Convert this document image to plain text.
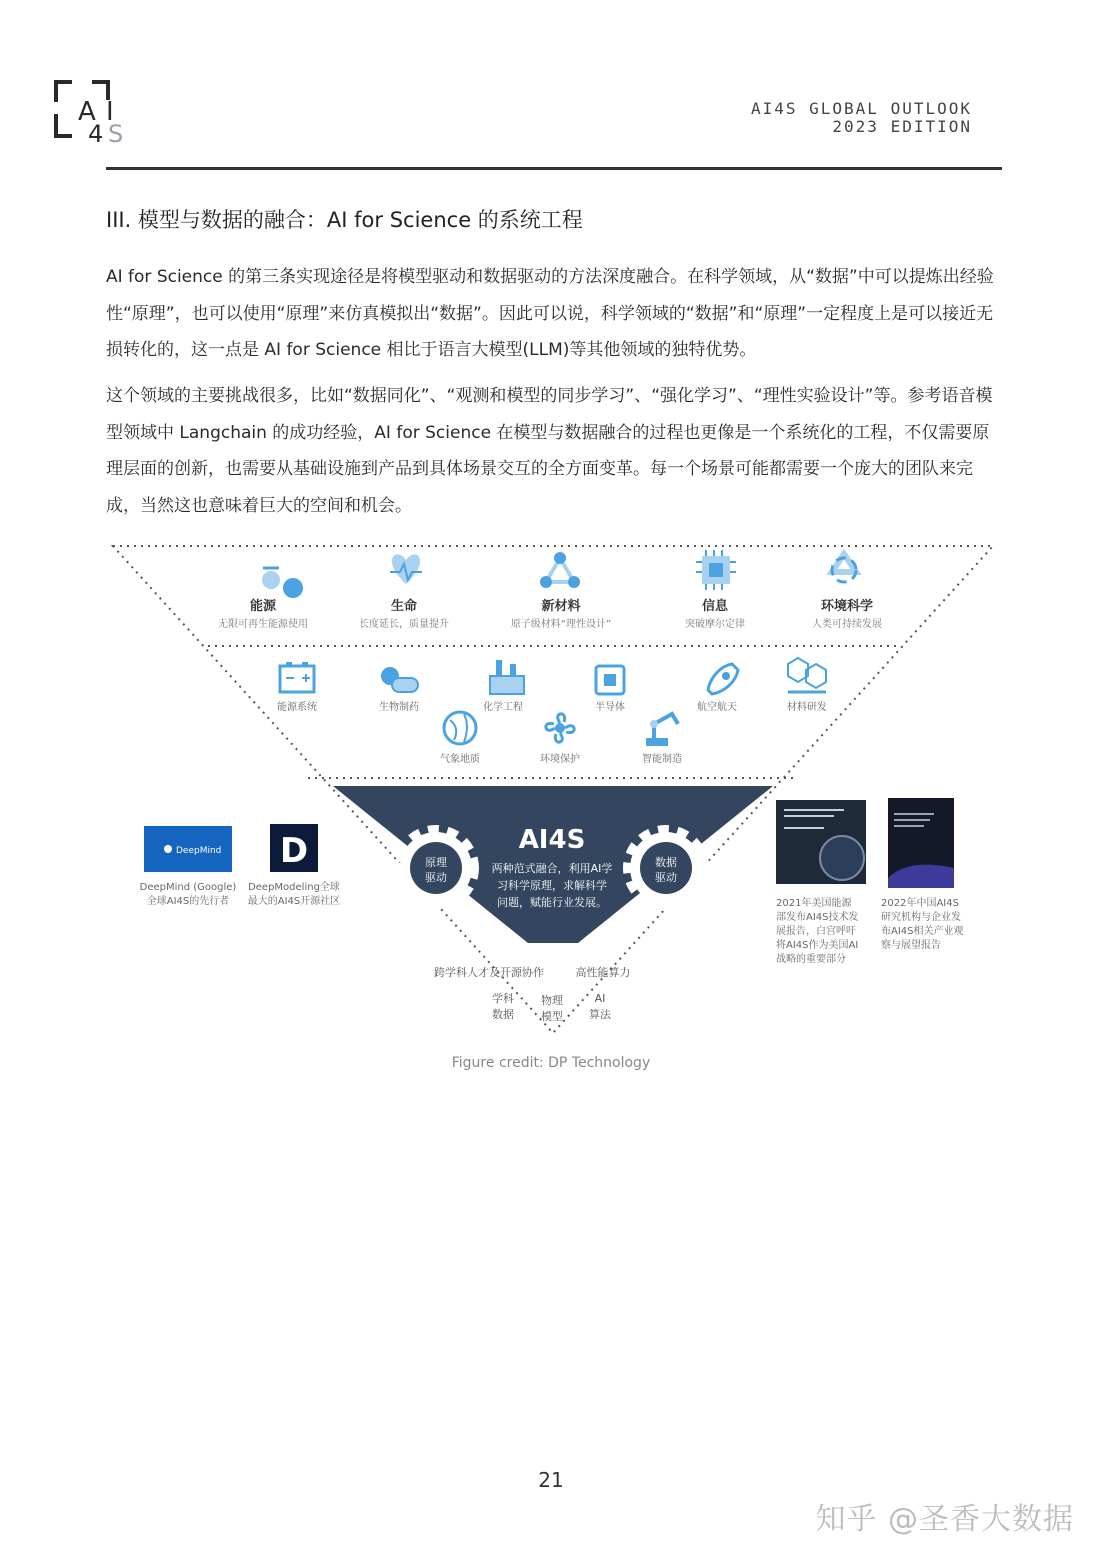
A I
4 S
AI4S GLOBAL OUTLOOK
2023 EDITION
III. 模型与数据的融合：AI for Science 的系统工程

AI for Science 的第三条实现途径是将模型驱动和数据驱动的方法深度融合。在科学领域，从“数据”中可以提炼出经验性“原理”，也可以使用“原理”来仿真模拟出“数据”。因此可以说，科学领域的“数据”和“原理”一定程度上是可以接近无损转化的，这一点是 AI for Science 相比于语言大模型(LLM)等其他领域的独特优势。

这个领域的主要挑战很多，比如“数据同化”、“观测和模型的同步学习”、“强化学习”、“理性实验设计”等。参考语音模型领域中 Langchain 的成功经验，AI for Science 在模型与数据融合的过程也更像是一个系统化的工程，不仅需要原理层面的创新，也需要从基础设施到产品到具体场景交互的全方面变革。每一个场景可能都需要一个庞大的团队来完成，当然这也意味着巨大的空间和机会。

能源
无限可再生能源使用
生命
长度延长，质量提升
新材料
原子级材料“理性设计”
信息
突破摩尔定律
环境科学
人类可持续发展
能源系统	生物制药	化学工程	半导体	航空航天	材料研发
气象地质	环境保护	智能制造
原理
驱动
数据
驱动
AI4S
两种范式融合，利用AI学
习科学原理，求解科学
问题，赋能行业发展。
DeepMind
DeepMind (Google)
全球AI4S的先行者
D
DeepModeling全球
最大的AI4S开源社区	2021年美国能源
部发布AI4S技术发
展报告，白宫呼吁
将AI4S作为美国AI
战略的重要部分
2022年中国AI4S
研究机构与企业发
布AI4S相关产业观
察与展望报告
跨学科人才及开源协作	高性能算力
学科
数据
物理
模型
AI
算法
Figure credit: DP Technology
21
知乎 @圣香大数据
